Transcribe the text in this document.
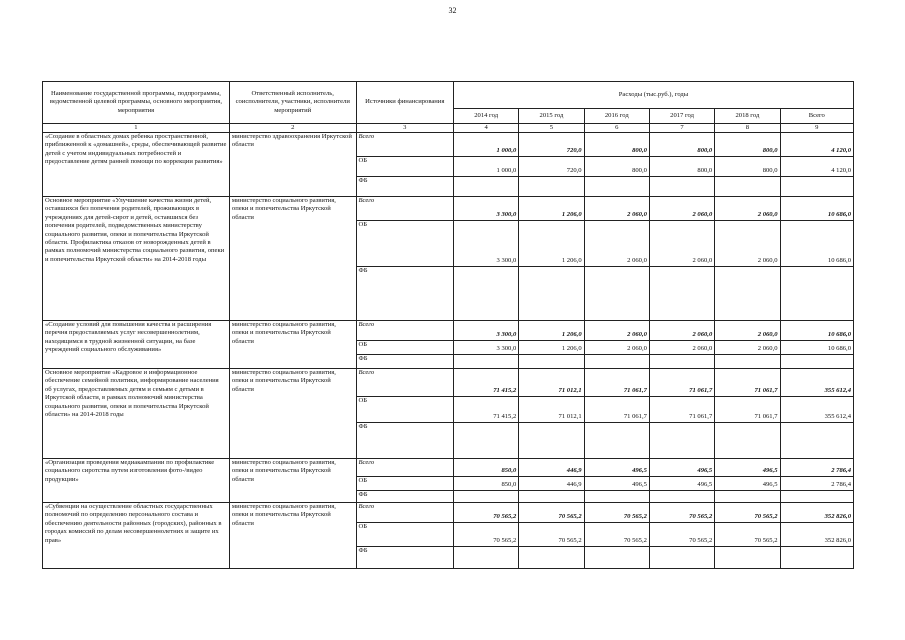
32
Наименование государственной программы, подпрограммы, ведомственной целевой программы, основного мероприятия, мероприятия	Ответственный исполнитель, соисполнители, участники, исполнители мероприятий	Источники финансирования	Расходы (тыс.руб.), годы					
			2014 год	2015 год	2016 год	2017 год	2018 год	Всего
1	2	3	4	5	6	7	8	9
«Создание в областных домах ребенка пространственной, приближенной к «домашней», среды, обеспечивающей развитие детей с учетом индивидуальных потребностей и предоставление детям ранней помощи по коррекции развития»	министерство здравоохранения Иркутской области	Всего	1 000,0	720,0	800,0	800,0	800,0	4 120,0
		ОБ	1 000,0	720,0	800,0	800,0	800,0	4 120,0
		ФБ						
Основное мероприятие «Улучшение качества жизни детей, оставшихся без попечения родителей, проживающих в учреждениях для детей-сирот и детей, оставшихся без попечения родителей, подведомственных министерству социального развития, опеки и попечительства Иркутской области. Профилактика отказов от новорожденных детей в рамках полномочий министерства социального развития, опеки и попечительства Иркутской области» на 2014-2018 годы	министерство социального развития, опеки и попечительства Иркутской области	Всего	3 300,0	1 206,0	2 060,0	2 060,0	2 060,0	10 686,0
		ОБ	3 300,0	1 206,0	2 060,0	2 060,0	2 060,0	10 686,0
		ФБ						
«Создание условий для повышения качества и расширения перечня предоставляемых услуг несовершеннолетним, находящимся в трудной жизненной ситуации, на базе учреждений социального обслуживания»	министерство социального развития, опеки и попечительства Иркутской области	Всего	3 300,0	1 206,0	2 060,0	2 060,0	2 060,0	10 686,0
		ОБ	3 300,0	1 206,0	2 060,0	2 060,0	2 060,0	10 686,0
		ФБ						
Основное мероприятие «Кадровое и информационное обеспечение семейной политики, информирование населения об услугах, предоставляемых детям и семьям с детьми в Иркутской области, в рамках полномочий министерства социального развития, опеки и попечительства Иркутской области» на 2014-2018 годы	министерство социального развития, опеки и попечительства Иркутской области	Всего	71 415,2	71 012,1	71 061,7	71 061,7	71 061,7	355 612,4
		ОБ	71 415,2	71 012,1	71 061,7	71 061,7	71 061,7	355 612,4
		ФБ						
«Организация проведения медиакампании по профилактике социального сиротства путем изготовления фото-/видео продукции»	министерство социального развития, опеки и попечительства Иркутской области	Всего	850,0	446,9	496,5	496,5	496,5	2 786,4
		ОБ	850,0	446,9	496,5	496,5	496,5	2 786,4
		ФБ						
«Субвенции на осуществление областных государственных полномочий по определению персонального состава и обеспечению деятельности районных (городских), районных в городах комиссий по делам несовершеннолетних и защите их прав»	министерство социального развития, опеки и попечительства Иркутской области	Всего	70 565,2	70 565,2	70 565,2	70 565,2	70 565,2	352 826,0
		ОБ	70 565,2	70 565,2	70 565,2	70 565,2	70 565,2	352 826,0
		ФБ						
